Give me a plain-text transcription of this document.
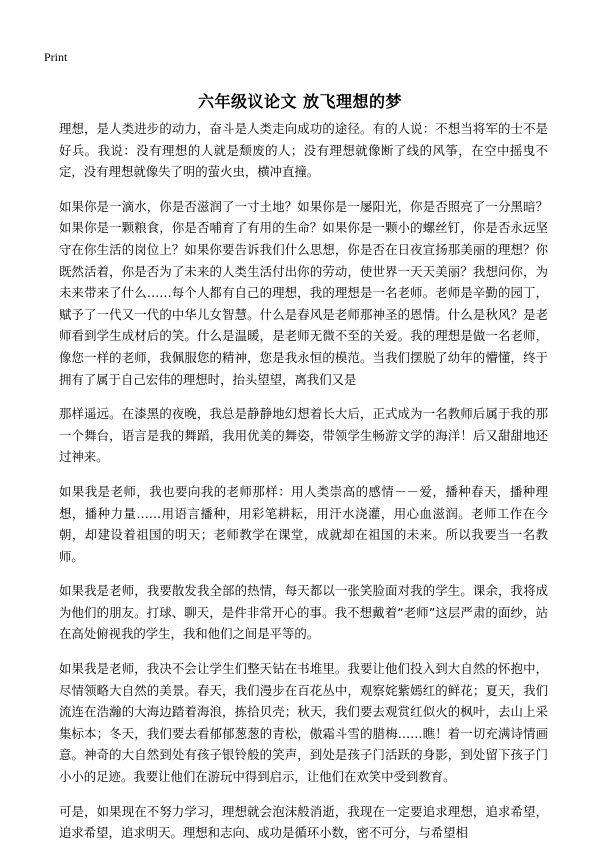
Print
六年级议论文 放飞理想的梦

理想，是人类进步的动力，奋斗是人类走向成功的途径。有的人说：不想当将军的士不是好兵。我说：没有理想的人就是颓废的人；没有理想就像断了线的风筝，在空中摇曳不定，没有理想就像失了明的萤火虫，横冲直撞。

如果你是一滴水，你是否滋润了一寸土地？如果你是一屡阳光，你是否照亮了一分黑暗？如果你是一颗粮食，你是否哺育了有用的生命？如果你是一颗小的螺丝钉，你是否永远坚守在你生活的岗位上？如果你要告诉我们什么思想，你是否在日夜宣扬那美丽的理想？你既然活着，你是否为了未来的人类生活付出你的劳动，使世界一天天美丽？我想问你，为未来带来了什么……每个人都有自己的理想，我的理想是一名老师。老师是辛勤的园丁，赋予了一代又一代的中华儿女智慧。什么是春风是老师那神圣的恩情。什么是秋风？是老师看到学生成材后的笑。什么是温暖，是老师无微不至的关爱。我的理想是做一名老师，像您一样的老师，我佩服您的精神，您是我永恒的模范。当我们摆脱了幼年的懵懂，终于拥有了属于自己宏伟的理想时，抬头望望，离我们又是

那样遥远。在漆黑的夜晚，我总是静静地幻想着长大后，正式成为一名教师后属于我的那一个舞台，语言是我的舞蹈，我用优美的舞姿，带领学生畅游文学的海洋！后又甜甜地还过神来。

如果我是老师，我也要向我的老师那样：用人类崇高的感情－－爱，播种春天，播种理想，播种力量……用语言播种，用彩笔耕耘，用汗水浇灌，用心血滋润。老师工作在今朝，却建设着祖国的明天；老师教学在课堂，成就却在祖国的未来。所以我要当一名教师。

如果我是老师，我要散发我全部的热情，每天都以一张笑脸面对我的学生。课余，我将成为他们的朋友。打球、聊天，是件非常开心的事。我不想戴着“老师”这层严肃的面纱，站在高处俯视我的学生，我和他们之间是平等的。

如果我是老师，我决不会让学生们整天钻在书堆里。我要让他们投入到大自然的怀抱中，尽情领略大自然的美景。春天，我们漫步在百花丛中，观察姹紫嫣红的鲜花；夏天，我们流连在浩瀚的大海边踏着海浪，拣拾贝壳；秋天，我们要去观赏红似火的枫叶，去山上采集标本；冬天，我们要去看郁郁葱葱的青松，傲霜斗雪的腊梅……瞧！着一切充满诗情画意。神奇的大自然到处有孩子银铃般的笑声，到处是孩子门活跃的身影，到处留下孩子门小小的足迹。我要让他们在游玩中得到启示，让他们在欢笑中受到教育。

可是，如果现在不努力学习，理想就会泡沫般消逝，我现在一定要追求理想，追求希望，追求希望，追求明天。理想和志向、成功是循环小数，密不可分，与希望相
